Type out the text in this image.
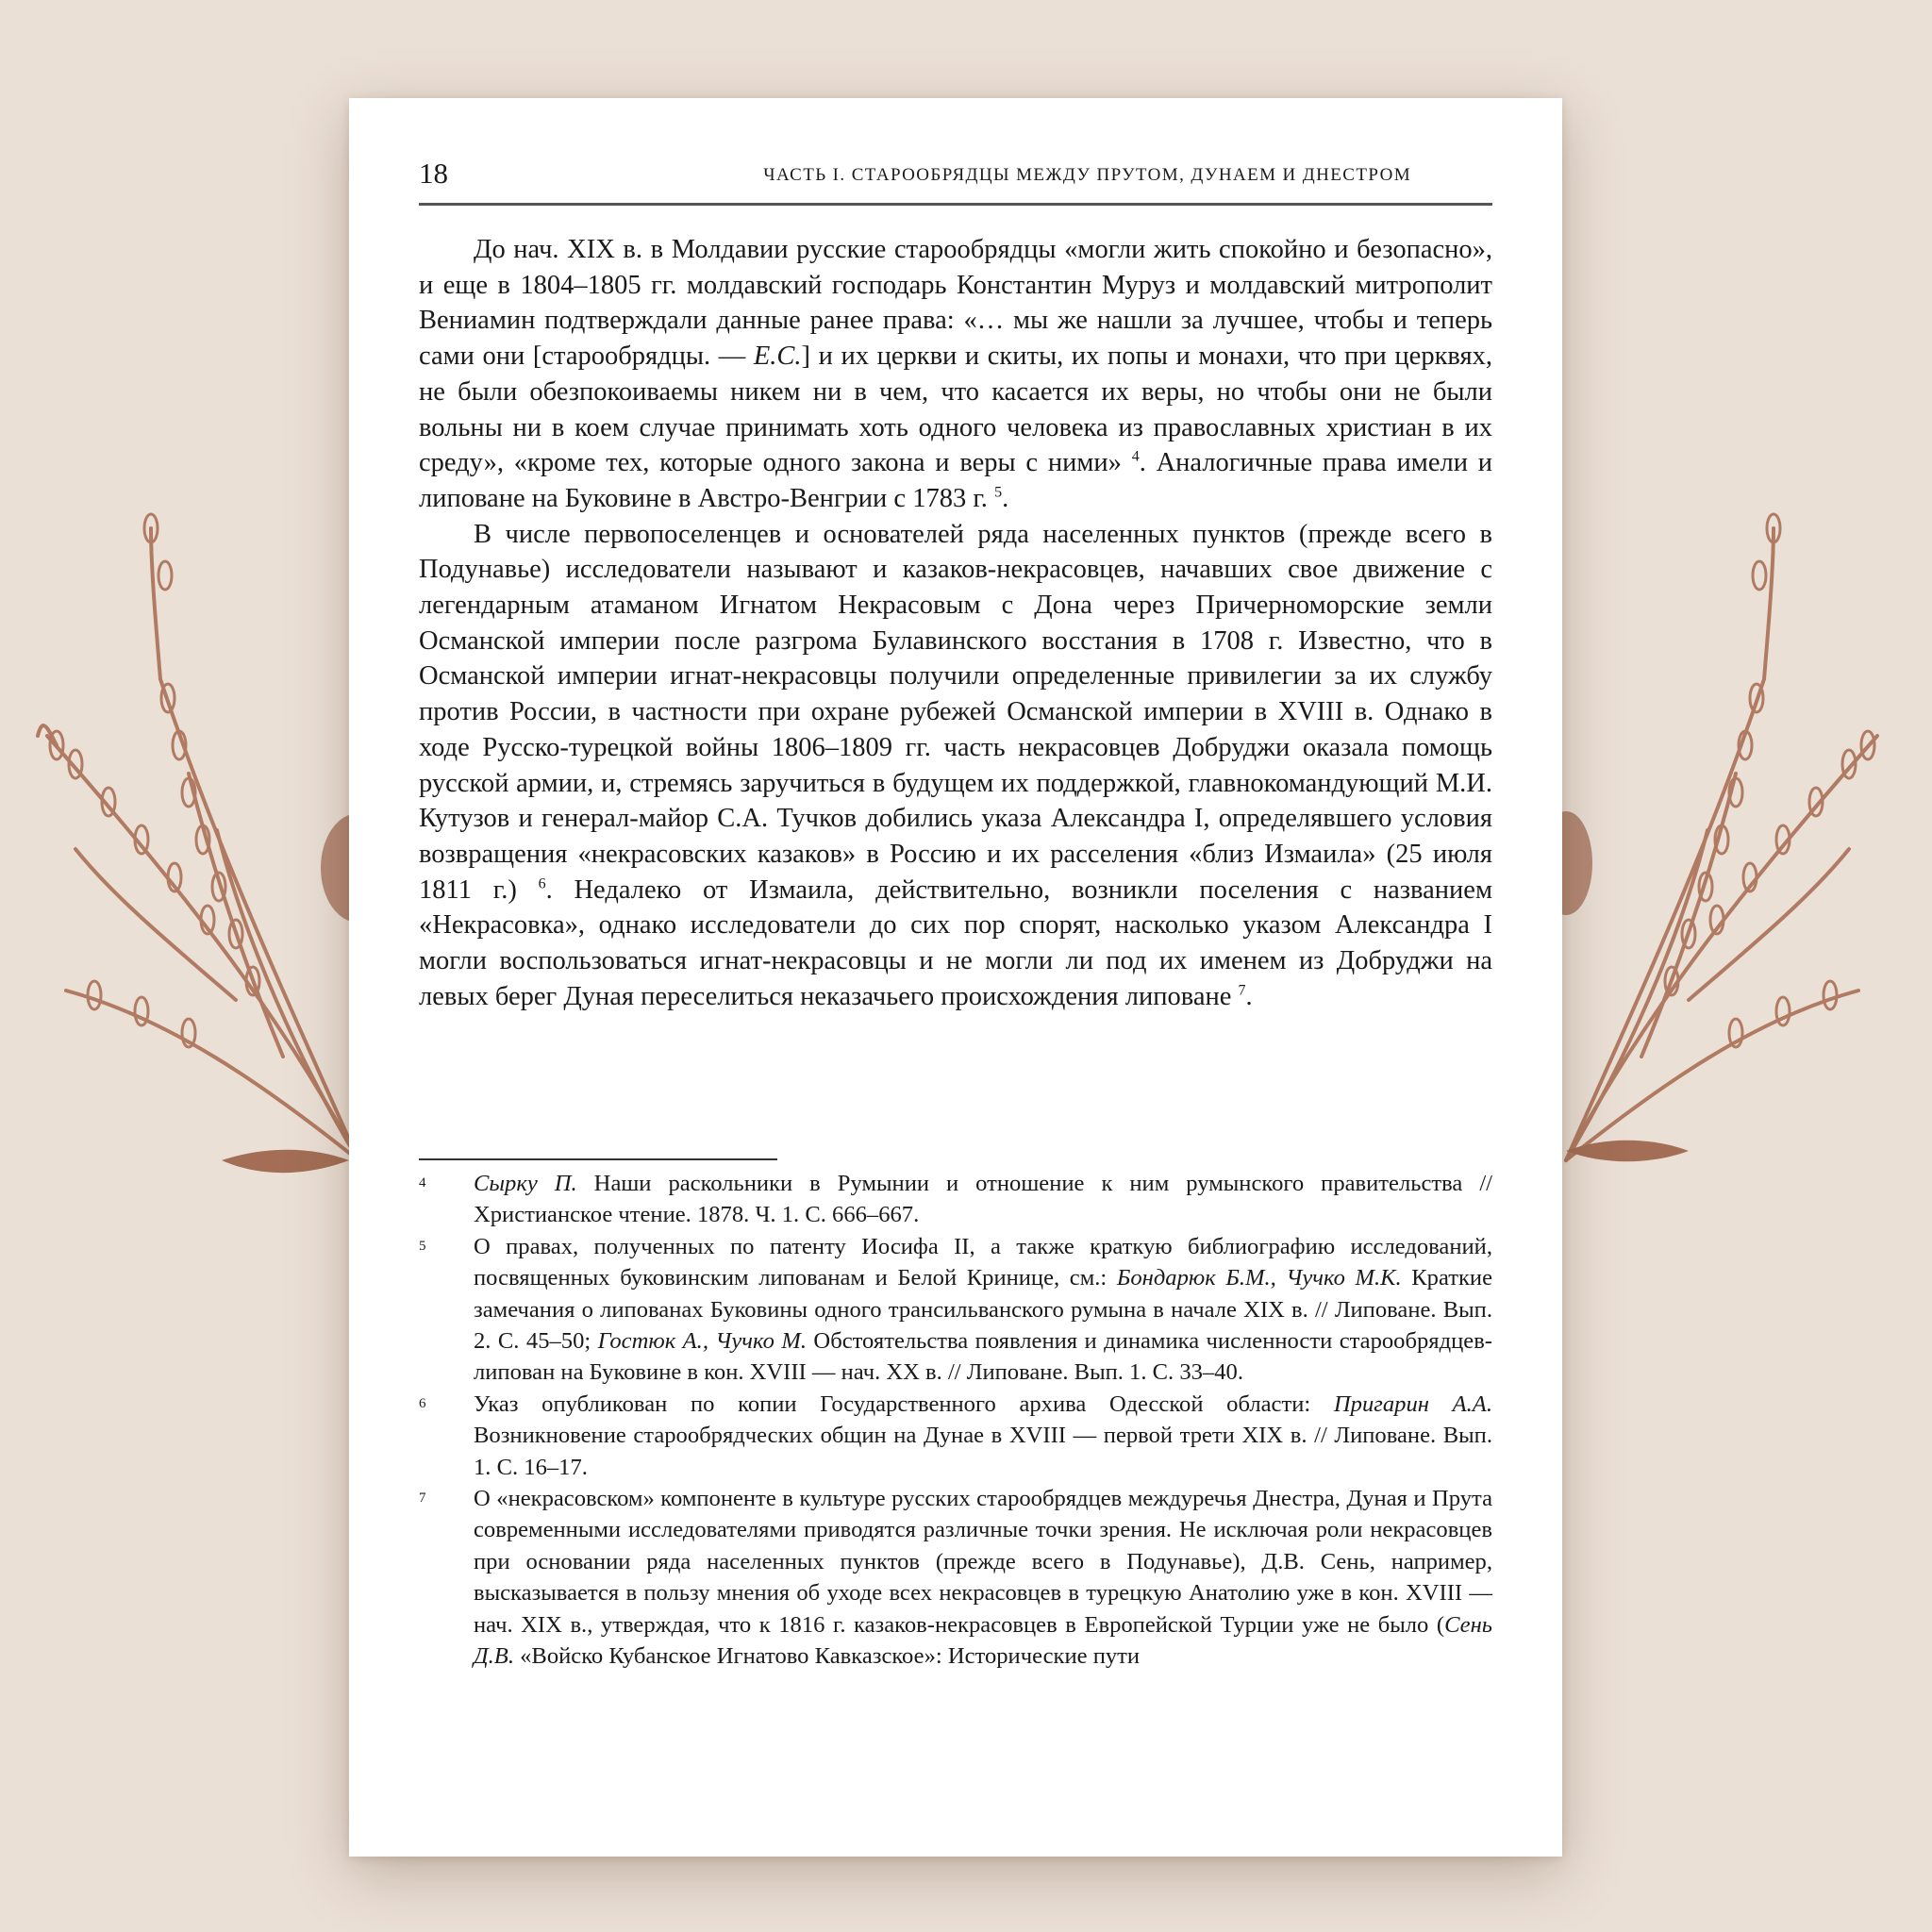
18	ЧАСТЬ I. СТАРООБРЯДЦЫ МЕЖДУ ПРУТОМ, ДУНАЕМ И ДНЕСТРОМ

До нач. XIX в. в Молдавии русские старообрядцы «могли жить спокойно и безопасно», и еще в 1804–1805 гг. молдавский господарь Константин Муруз и молдавский митрополит Вениамин подтверждали данные ранее права: «… мы же нашли за лучшее, чтобы и теперь сами они [старообрядцы. — Е.С.] и их церкви и скиты, их попы и монахи, что при церквях, не были обезпокоиваемы никем ни в чем, что касается их веры, но чтобы они не были вольны ни в коем случае принимать хоть одного человека из православных христиан в их среду», «кроме тех, которые одного закона и веры с ними» $^4$. Аналогичные права имели и липоване на Буковине в Австро-Венгрии с 1783 г. $^5$.

В числе первопоселенцев и основателей ряда населенных пунктов (прежде всего в Подунавье) исследователи называют и казаков-некрасовцев, начавших свое движение с легендарным атаманом Игнатом Некрасовым с Дона через Причерноморские земли Османской империи после разгрома Булавинского восстания в 1708 г. Известно, что в Османской империи игнат-некрасовцы получили определенные привилегии за их службу против России, в частности при охране рубежей Османской империи в XVIII в. Однако в ходе Русско-турецкой войны 1806–1809 гг. часть некрасовцев Добруджи оказала помощь русской армии, и, стремясь заручиться в будущем их поддержкой, главнокомандующий М.И. Кутузов и генерал-майор С.А. Тучков добились указа Александра I, определявшего условия возвращения «некрасовских казаков» в Россию и их расселения «близ Измаила» (25 июля 1811 г.) $^6$. Недалеко от Измаила, действительно, возникли поселения с названием «Некрасовка», однако исследователи до сих пор спорят, насколько указом Александра I могли воспользоваться игнат-некрасовцы и не могли ли под их именем из Добруджи на левых берег Дуная переселиться неказачьего происхождения липоване $^7$.

4	Сырку П. Наши раскольники в Румынии и отношение к ним румынского правительства // Христианское чтение. 1878. Ч. 1. С. 666–667.
5	О правах, полученных по патенту Иосифа II, а также краткую библиографию исследований, посвященных буковинским липованам и Белой Кринице, см.: Бондарюк Б.М., Чучко М.К. Краткие замечания о липованах Буковины одного трансильванского румына в начале XIX в. // Липоване. Вып. 2. С. 45–50; Гостюк А., Чучко М. Обстоятельства появления и динамика численности старообрядцев-липован на Буковине в кон. XVIII — нач. XX в. // Липоване. Вып. 1. С. 33–40.
6	Указ опубликован по копии Государственного архива Одесской области: Пригарин А.А. Возникновение старообрядческих общин на Дунае в XVIII — первой трети XIX в. // Липоване. Вып. 1. С. 16–17.
7	О «некрасовском» компоненте в культуре русских старообрядцев междуречья Днестра, Дуная и Прута современными исследователями приводятся различные точки зрения. Не исключая роли некрасовцев при основании ряда населенных пунктов (прежде всего в Подунавье), Д.В. Сень, например, высказывается в пользу мнения об уходе всех некрасовцев в турецкую Анатолию уже в кон. XVIII — нач. XIX в., утверждая, что к 1816 г. казаков-некрасовцев в Европейской Турции уже не было (Сень Д.В. «Войско Кубанское Игнатово Кавказское»: Исторические пути
